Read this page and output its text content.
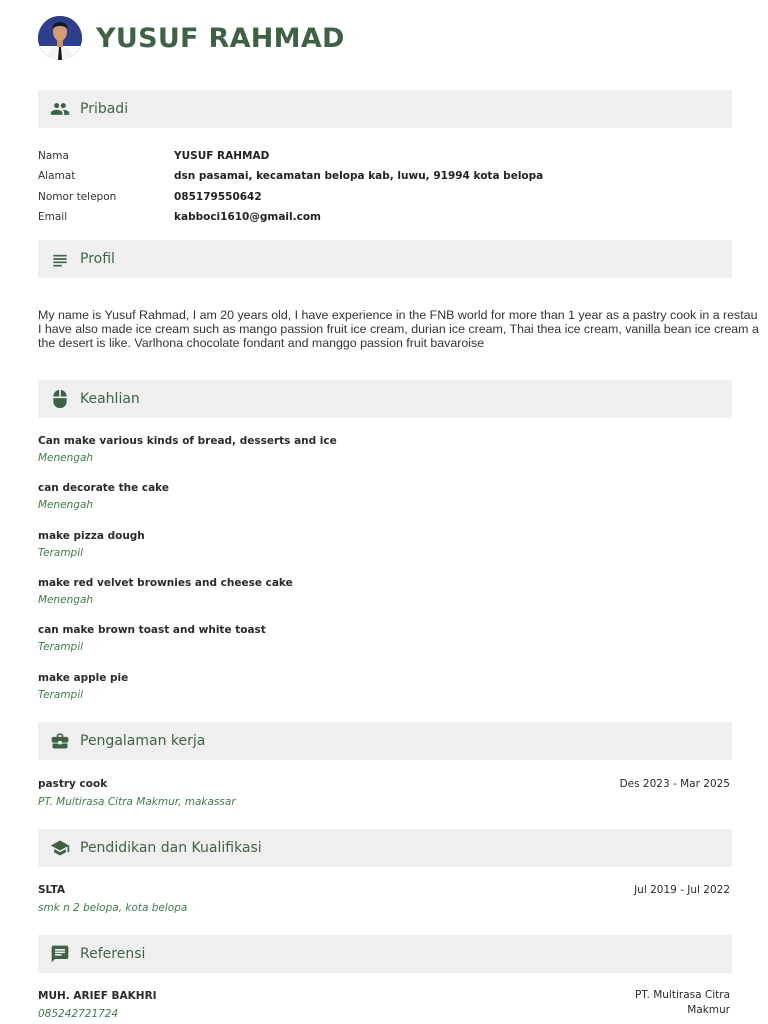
YUSUF RAHMAD
Pribadi
Nama	YUSUF RAHMAD
Alamat	dsn pasamai, kecamatan belopa kab, luwu, 91994 kota belopa
Nomor telepon	085179550642
Email	kabboci1610@gmail.com
Profil
My name is Yusuf Rahmad, I am 20 years old, I have experience in the FNB world for more than 1 year as a pastry cook in a restau
I have also made ice cream such as mango passion fruit ice cream, durian ice cream, Thai thea ice cream, vanilla bean ice cream a
the desert is like. Varlhona chocolate fondant and manggo passion fruit bavaroise
Keahlian
Can make various kinds of bread, desserts and ice
Menengah
can decorate the cake
Menengah
make pizza dough
Terampil
make red velvet brownies and cheese cake
Menengah
can make brown toast and white toast
Terampil
make apple pie
Terampil
Pengalaman kerja
pastry cook
PT. Multirasa Citra Makmur, makassar
Des 2023 - Mar 2025
Pendidikan dan Kualifikasi
SLTA
smk n 2 belopa, kota belopa
Jul 2019 - Jul 2022
Referensi
MUH. ARIEF BAKHRI
085242721724
PT. Multirasa Citra Makmur
